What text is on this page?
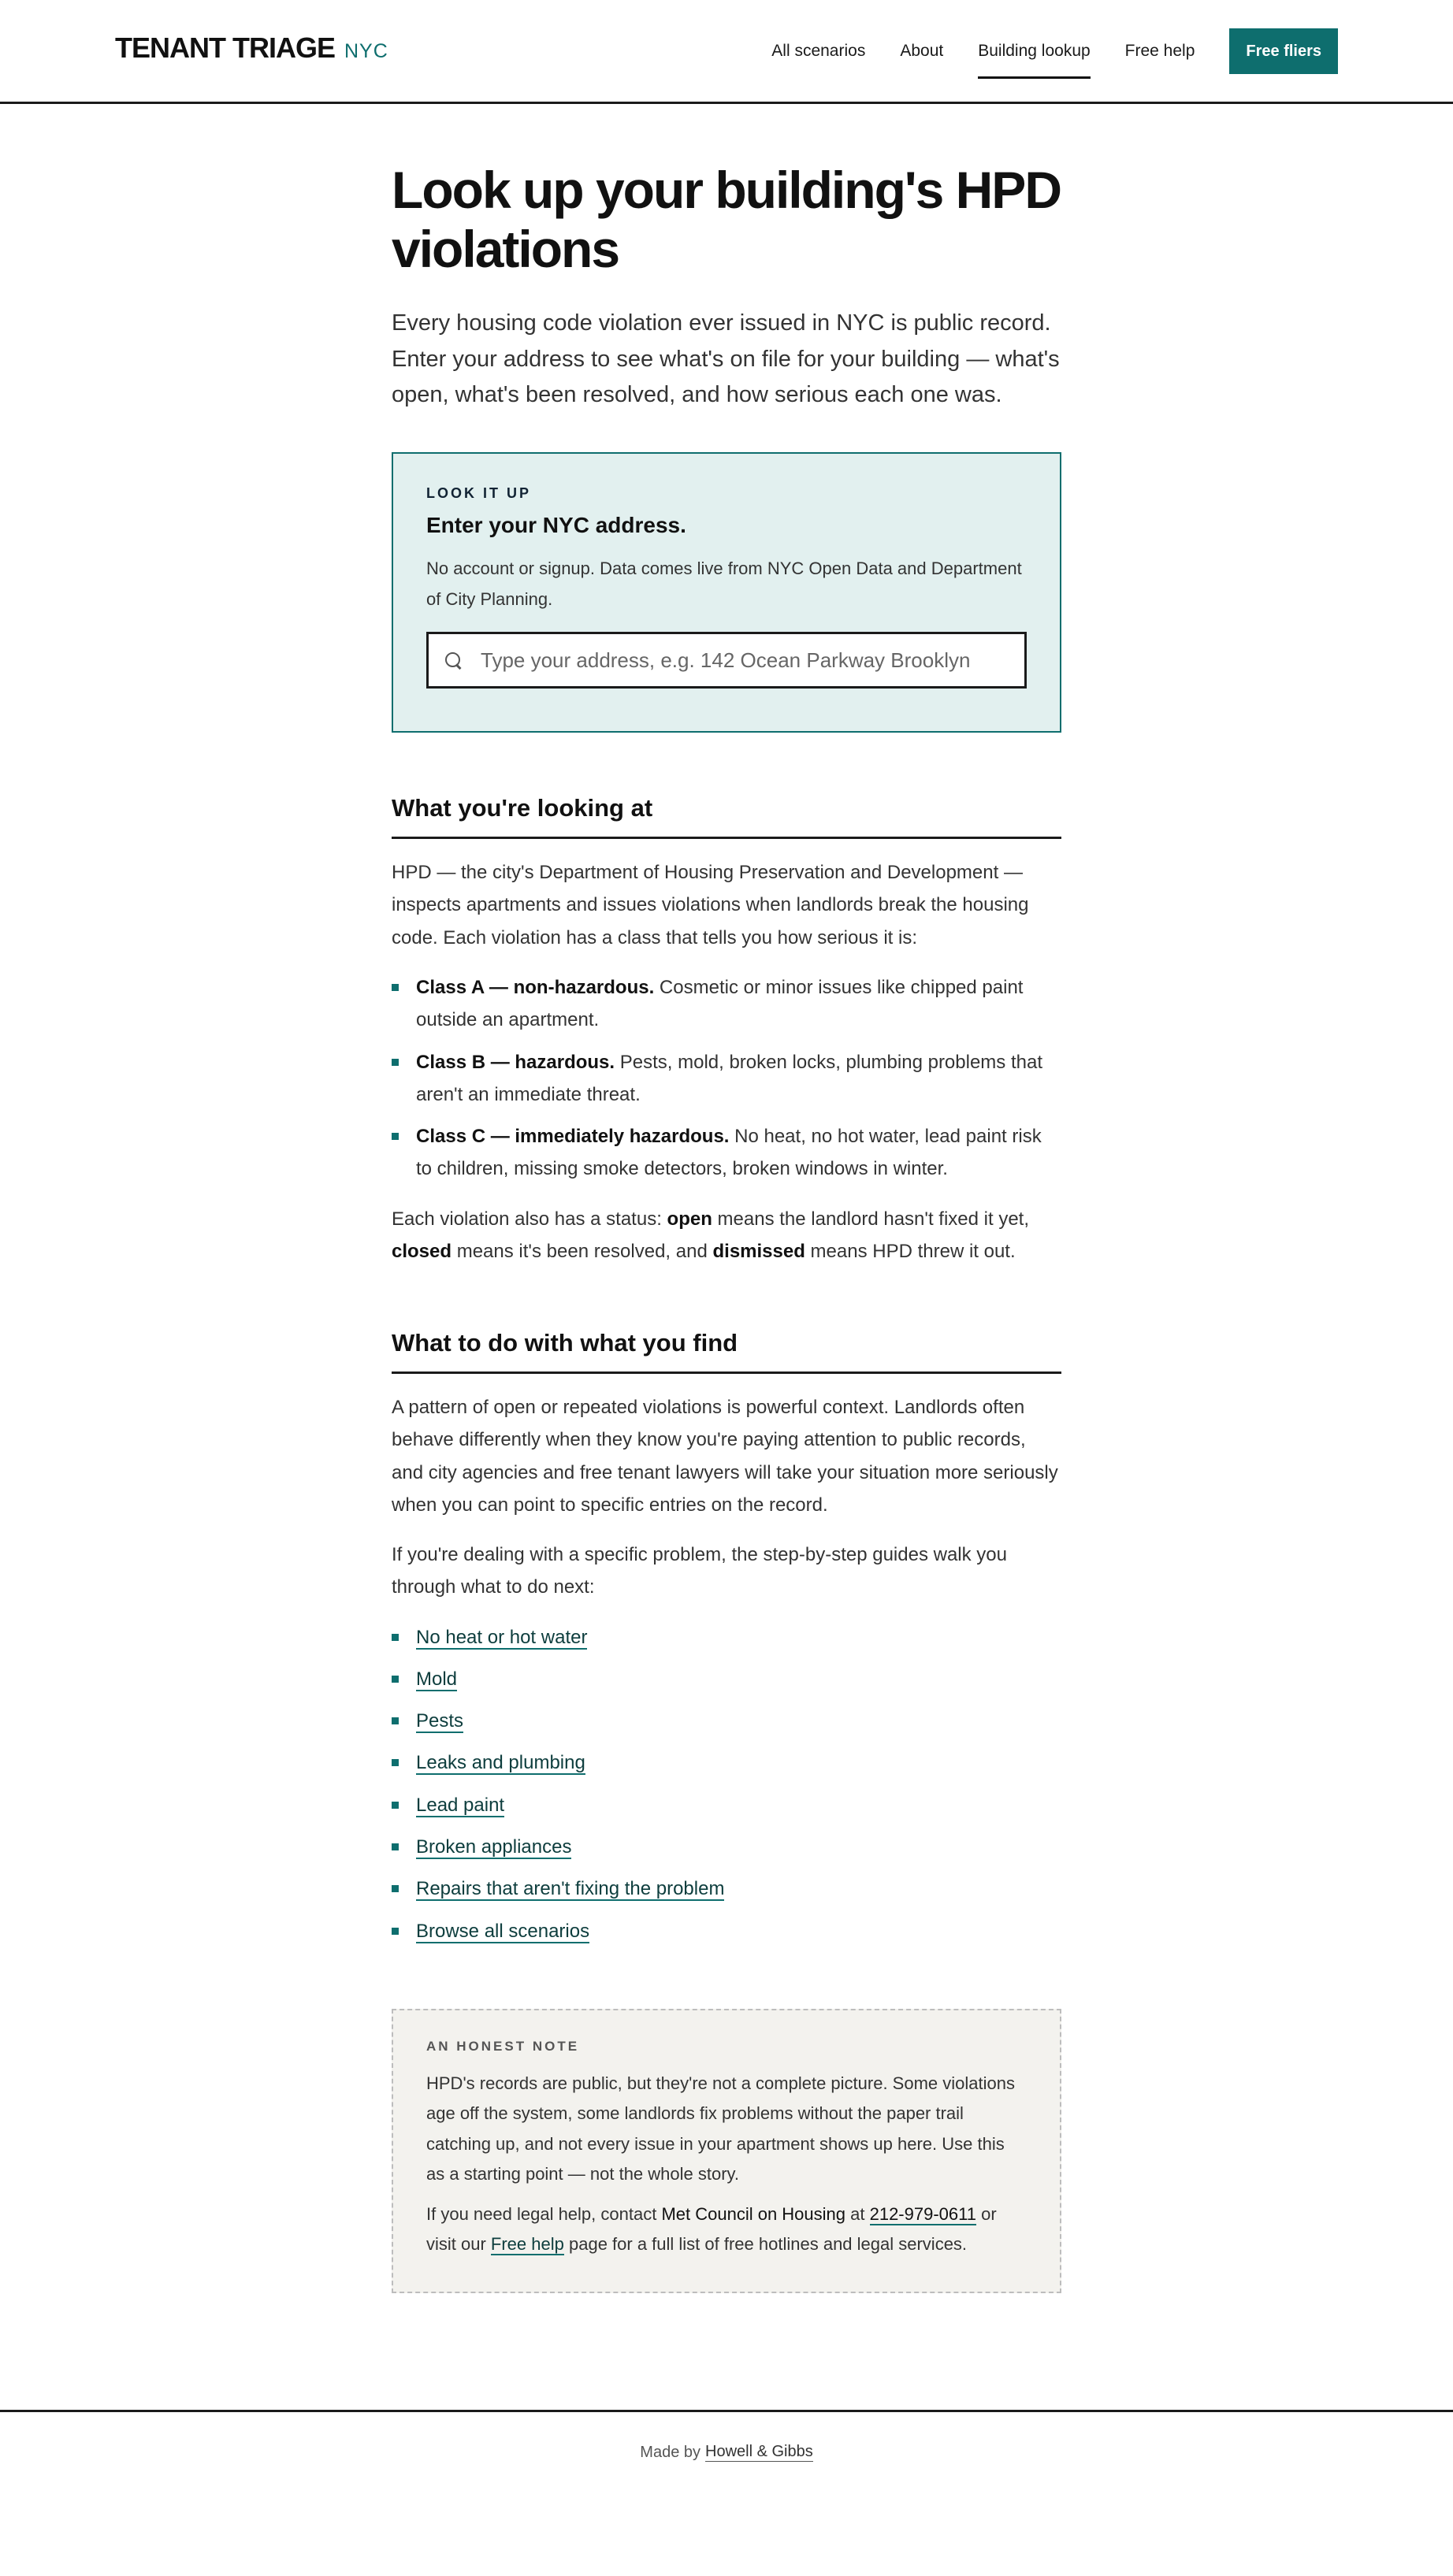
TENANT TRIAGE NYC	All scenarios About Building lookup Free help	Free fliers
Look up your building's HPD violations

Every housing code violation ever issued in NYC is public record. Enter your address to see what's on file for your building — what's open, what's been resolved, and how serious each one was.

LOOK IT UP
Enter your NYC address.

No account or signup. Data comes live from NYC Open Data and Department of City Planning.

Type your address, e.g. 142 Ocean Parkway Brooklyn
What you're looking at

HPD — the city's Department of Housing Preservation and Development — inspects apartments and issues violations when landlords break the housing code. Each violation has a class that tells you how serious it is:

Class A — non-hazardous. Cosmetic or minor issues like chipped paint outside an apartment.
Class B — hazardous. Pests, mold, broken locks, plumbing problems that aren't an immediate threat.
Class C — immediately hazardous. No heat, no hot water, lead paint risk to children, missing smoke detectors, broken windows in winter.

Each violation also has a status: open means the landlord hasn't fixed it yet, closed means it's been resolved, and dismissed means HPD threw it out.

What to do with what you find

A pattern of open or repeated violations is powerful context. Landlords often behave differently when they know you're paying attention to public records, and city agencies and free tenant lawyers will take your situation more seriously when you can point to specific entries on the record.

If you're dealing with a specific problem, the step-by-step guides walk you through what to do next:

No heat or hot water
Mold
Pests
Leaks and plumbing
Lead paint
Broken appliances
Repairs that aren't fixing the problem
Browse all scenarios
AN HONEST NOTE

HPD's records are public, but they're not a complete picture. Some violations age off the system, some landlords fix problems without the paper trail catching up, and not every issue in your apartment shows up here. Use this as a starting point — not the whole story.

If you need legal help, contact Met Council on Housing at 212-979-0611 or visit our Free help page for a full list of free hotlines and legal services.

Made by Howell & Gibbs
